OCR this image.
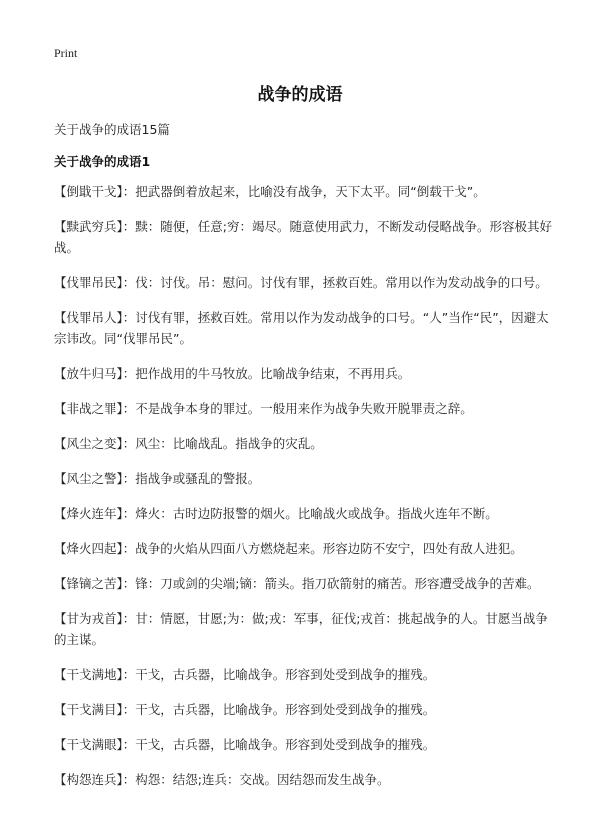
Print
战争的成语
关于战争的成语15篇
关于战争的成语1
【倒戢干戈】：把武器倒着放起来，比喻没有战争，天下太平。同“倒载干戈”。
【黩武穷兵】：黩：随便，任意;穷：竭尽。随意使用武力，不断发动侵略战争。形容极其好战。
【伐罪吊民】：伐：讨伐。吊：慰问。讨伐有罪，拯救百姓。常用以作为发动战争的口号。
【伐罪吊人】：讨伐有罪，拯救百姓。常用以作为发动战争的口号。“人”当作“民”，因避太宗讳改。同“伐罪吊民”。
【放牛归马】：把作战用的牛马牧放。比喻战争结束，不再用兵。
【非战之罪】：不是战争本身的罪过。一般用来作为战争失败开脱罪责之辞。
【风尘之变】：风尘：比喻战乱。指战争的灾乱。
【风尘之警】：指战争或骚乱的警报。
【烽火连年】：烽火：古时边防报警的烟火。比喻战火或战争。指战火连年不断。
【烽火四起】：战争的火焰从四面八方燃烧起来。形容边防不安宁，四处有敌人进犯。
【锋镝之苦】：锋：刀或剑的尖端;镝：箭头。指刀砍箭射的痛苦。形容遭受战争的苦难。
【甘为戎首】：甘：情愿，甘愿;为：做;戎：军事，征伐;戎首：挑起战争的人。甘愿当战争的主谋。
【干戈满地】：干戈，古兵器，比喻战争。形容到处受到战争的摧残。
【干戈满目】：干戈，古兵器，比喻战争。形容到处受到战争的摧残。
【干戈满眼】：干戈，古兵器，比喻战争。形容到处受到战争的摧残。
【构怨连兵】：构怨：结怨;连兵：交战。因结怨而发生战争。
